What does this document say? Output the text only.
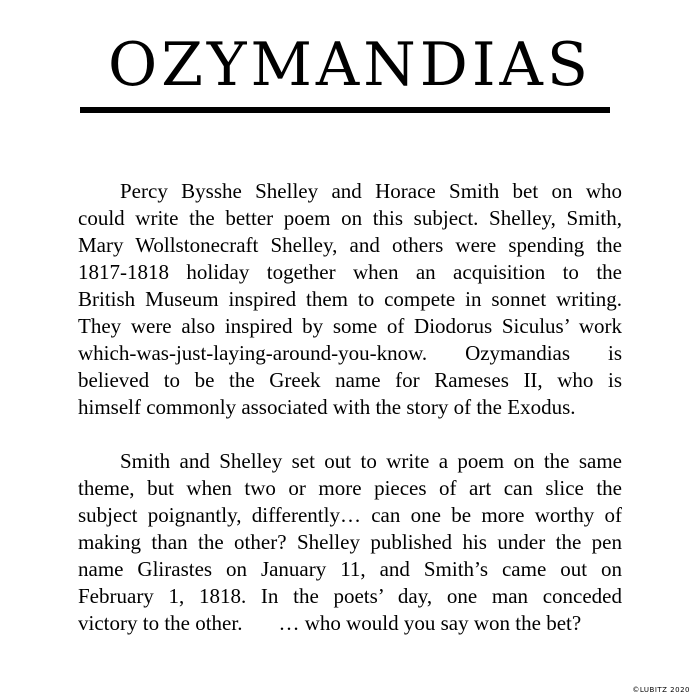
OZYMANDIAS

Percy Bysshe Shelley and Horace Smith bet on who
could write the better poem on this subject. Shelley, Smith,
Mary Wollstonecraft Shelley, and others were spending the
1817-1818 holiday together when an acquisition to the
British Museum inspired them to compete in sonnet writing.
They were also inspired by some of Diodorus Siculus’ work
which-was-just-laying-around-you-know. Ozymandias is
believed to be the Greek name for Rameses II, who is
himself commonly associated with the story of the Exodus.

Smith and Shelley set out to write a poem on the same
theme, but when two or more pieces of art can slice the
subject poignantly, differently… can one be more worthy of
making than the other? Shelley published his under the pen
name Glirastes on January 11, and Smith’s came out on
February 1, 1818. In the poets’ day, one man conceded
victory to the other. … who would you say won the bet?

©LUBITZ 2020
